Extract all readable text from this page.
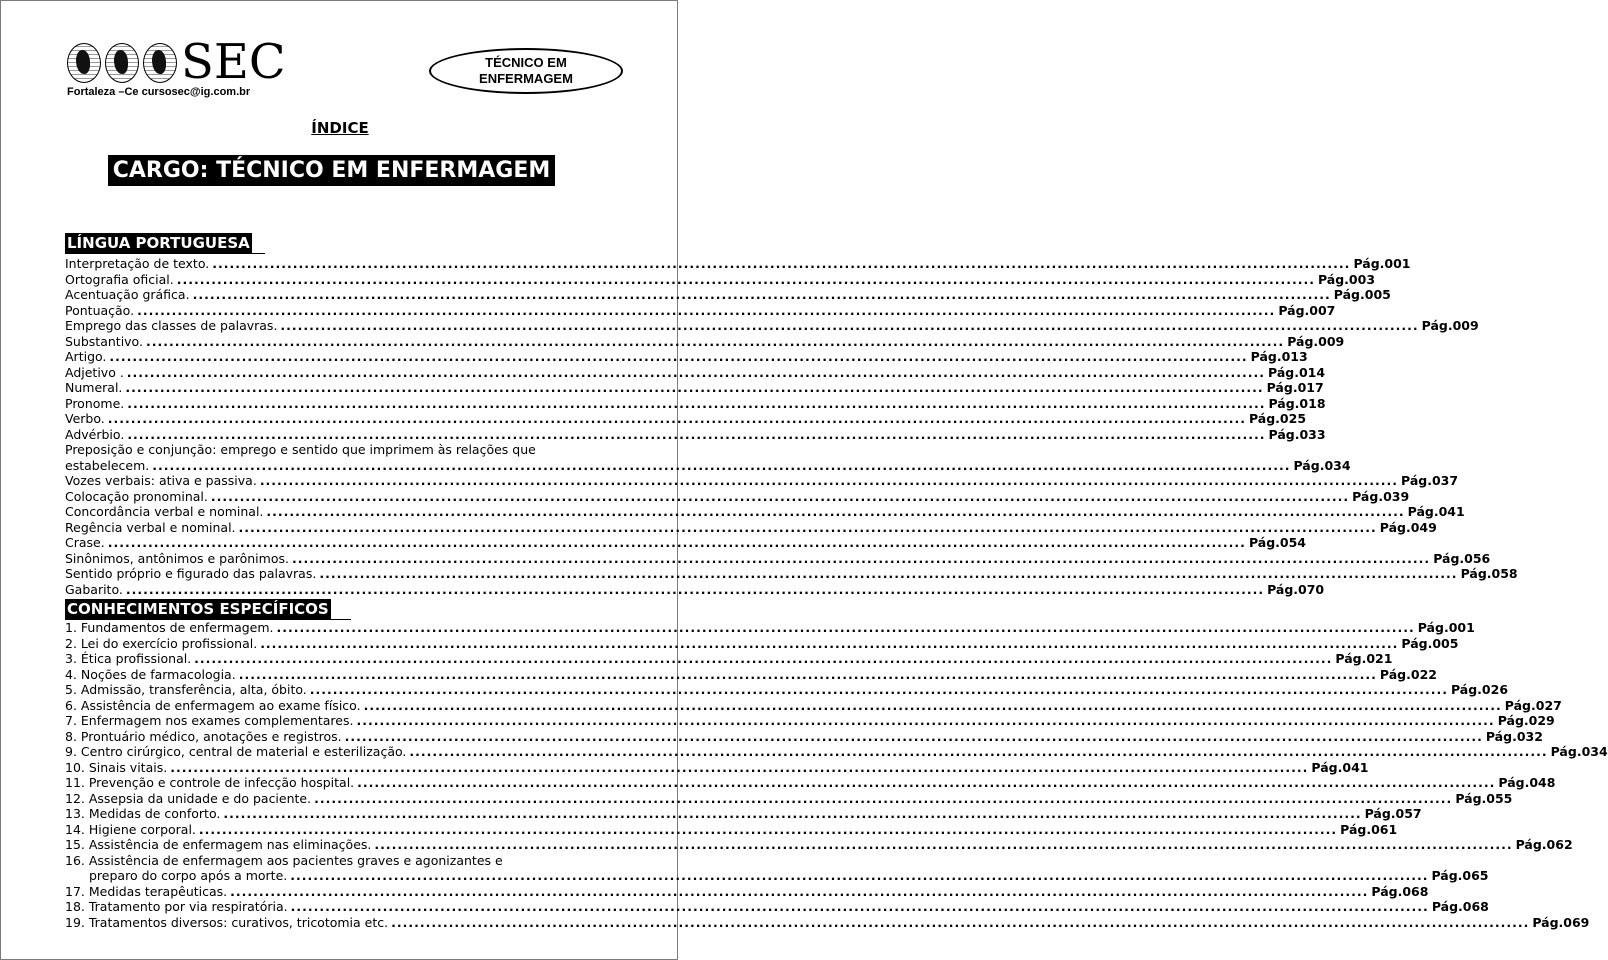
SEC
Fortaleza –Ce cursosec@ig.com.br
TÉCNICO EM
ENFERMAGEM
ÍNDICE
CARGO: TÉCNICO EM ENFERMAGEM
LÍNGUA PORTUGUESA
Interpretação de texto. .....	Pág.001
Ortografia oficial. .....	Pág.003
Acentuação gráfica. .....	Pág.005
Pontuação. .....	Pág.007
Emprego das classes de palavras. .....	Pág.009
Substantivo. .....	Pág.009
Artigo. .....	Pág.013
Adjetivo . .....	Pág.014
Numeral. .....	Pág.017
Pronome. .....	Pág.018
Verbo. .....	Pág.025
Advérbio. .....	Pág.033
Preposição e conjunção: emprego e sentido que imprimem às relações que
estabelecem. .....	Pág.034
Vozes verbais: ativa e passiva. .....	Pág.037
Colocação pronominal. .....	Pág.039
Concordância verbal e nominal. .....	Pág.041
Regência verbal e nominal. .....	Pág.049
Crase. .....	Pág.054
Sinônimos, antônimos e parônimos. .....	Pág.056
Sentido próprio e figurado das palavras. .....	Pág.058
Gabarito. .....	Pág.070
CONHECIMENTOS ESPECÍFICOS
1. Fundamentos de enfermagem. .....	Pág.001
2. Lei do exercício profissional. .....	Pág.005
3. Ética profissional. .....	Pág.021
4. Noções de farmacologia. .....	Pág.022
5. Admissão, transferência, alta, óbito. .....	Pág.026
6. Assistência de enfermagem ao exame físico. .....	Pág.027
7. Enfermagem nos exames complementares. .....	Pág.029
8. Prontuário médico, anotações e registros. .....	Pág.032
9. Centro cirúrgico, central de material e esterilização. .....	Pág.034
10. Sinais vitais. .....	Pág.041
11. Prevenção e controle de infecção hospital. .....	Pág.048
12. Assepsia da unidade e do paciente. .....	Pág.055
13. Medidas de conforto. .....	Pág.057
14. Higiene corporal. .....	Pág.061
15. Assistência de enfermagem nas eliminações. .....	Pág.062
16. Assistência de enfermagem aos pacientes graves e agonizantes e
preparo do corpo após a morte. .....	Pág.065
17. Medidas terapêuticas. .....	Pág.068
18. Tratamento por via respiratória. .....	Pág.068
19. Tratamentos diversos: curativos, tricotomia etc. .....	Pág.069
